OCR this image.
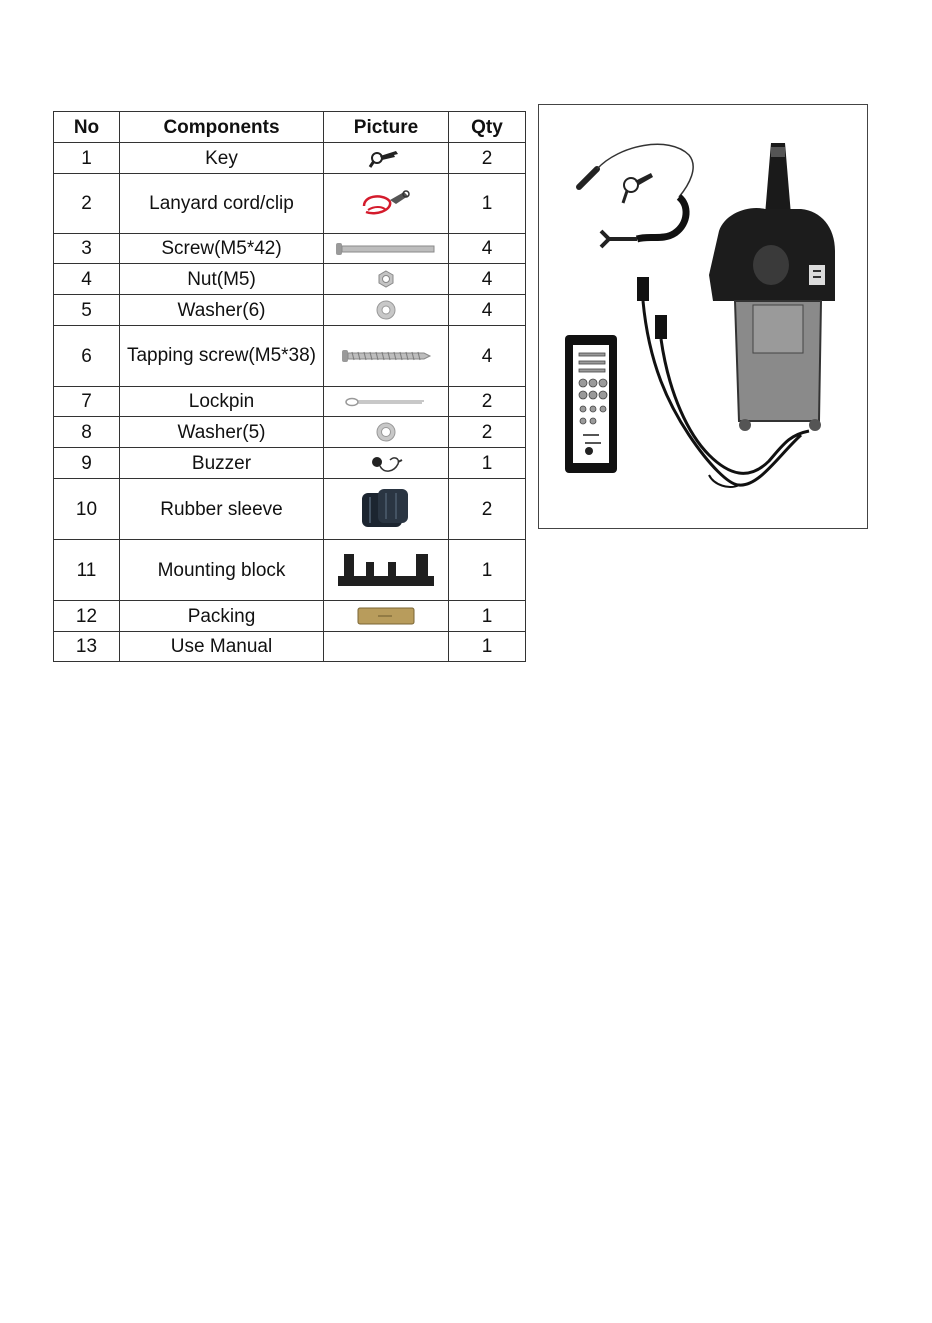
No	Components	Picture	Qty
1	Key		2
2	Lanyard cord/clip		1
3	Screw(M5*42)		4
4	Nut(M5)		4
5	Washer(6)		4
6	Tapping screw(M5*38)		4
7	Lockpin		2
8	Washer(5)		2
9	Buzzer		1
10	Rubber sleeve		2
11	Mounting block		1
12	Packing		1
13	Use Manual		1
